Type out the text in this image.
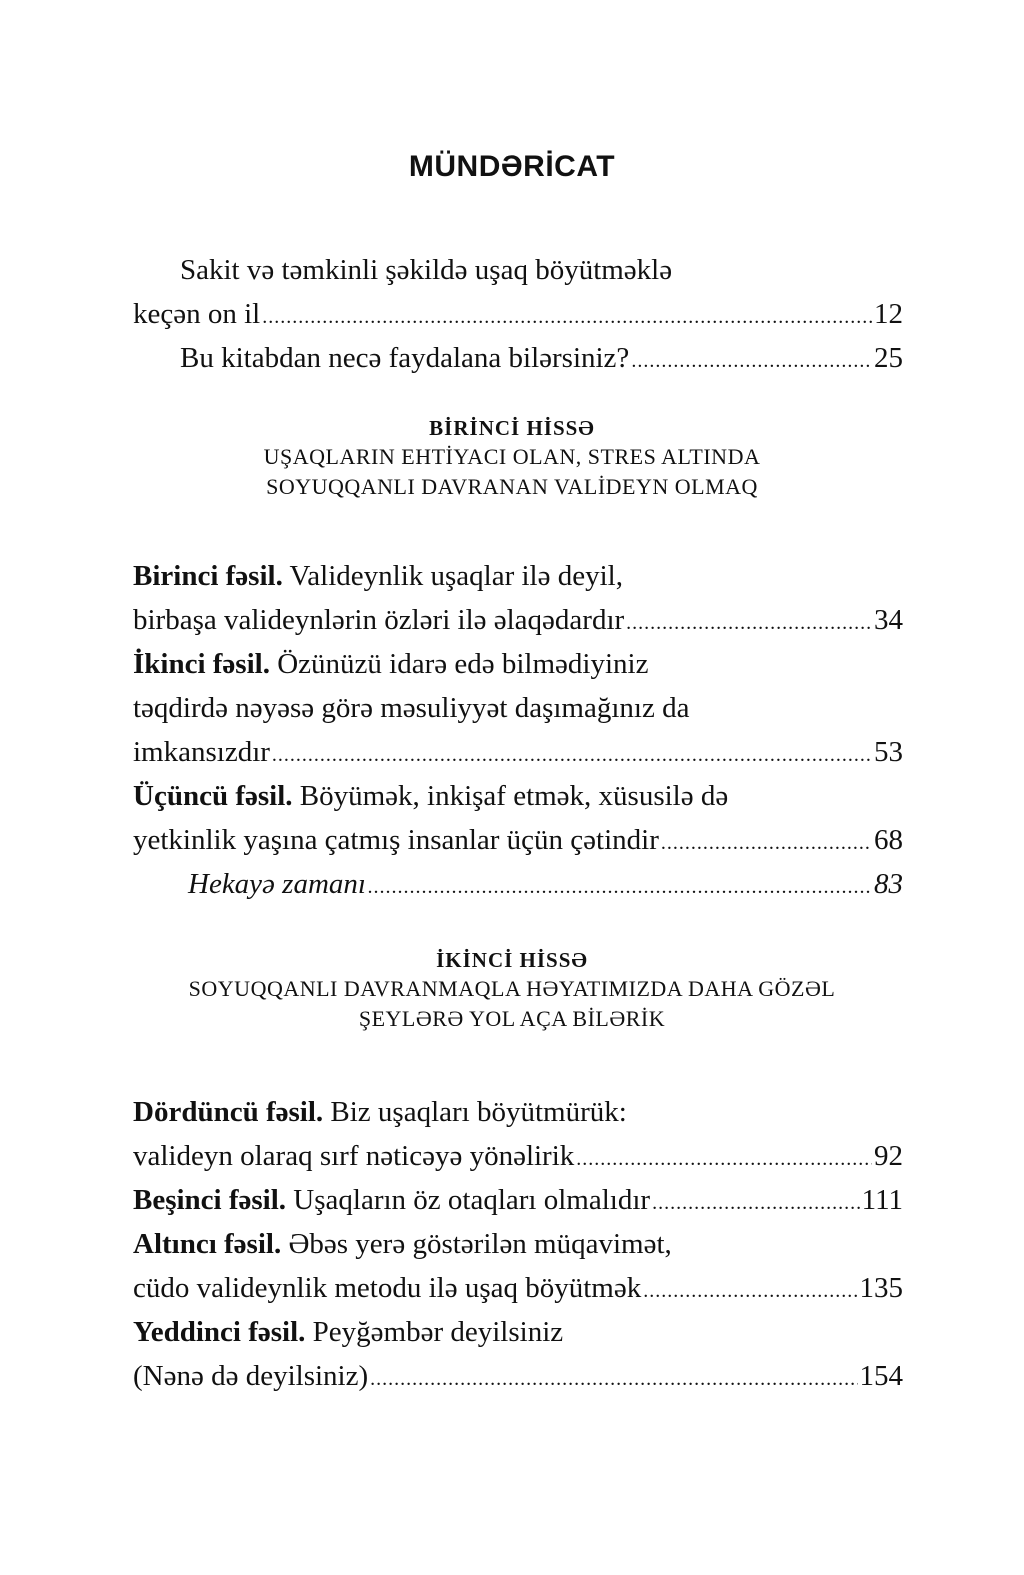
MÜNDƏRİCAT
Sakit və təmkinli şəkildə uşaq böyütməklə
keçən on il .....	12
Bu kitabdan necə faydalana bilərsiniz? .....	25
BİRİNCİ HİSSƏ
UŞAQLARIN EHTİYACI OLAN, STRES ALTINDA
SOYUQQANLI DAVRANAN VALİDEYN OLMAQ
Birinci fəsil. Valideynlik uşaqlar ilə deyil,
birbaşa valideynlərin özləri ilə əlaqədardır .....	34
İkinci fəsil. Özünüzü idarə edə bilmədiyiniz
təqdirdə nəyəsə görə məsuliyyət daşımağınız da
imkansızdır .....	53
Üçüncü fəsil. Böyümək, inkişaf etmək, xüsusilə də
yetkinlik yaşına çatmış insanlar üçün çətindir .....	68
Hekayə zamanı .....	83
İKİNCİ HİSSƏ
SOYUQQANLI DAVRANMAQLA HƏYATIMIZDA DAHA GÖZƏL
ŞEYLƏRƏ YOL AÇA BİLƏRİK
Dördüncü fəsil. Biz uşaqları böyütmürük:
valideyn olaraq sırf nəticəyə yönəlirik .....	92
Beşinci fəsil. Uşaqların öz otaqları olmalıdır .....	111
Altıncı fəsil. Əbəs yerə göstərilən müqavimət,
cüdo valideynlik metodu ilə uşaq böyütmək .....	135
Yeddinci fəsil. Peyğəmbər deyilsiniz
(Nənə də deyilsiniz) .....	154
